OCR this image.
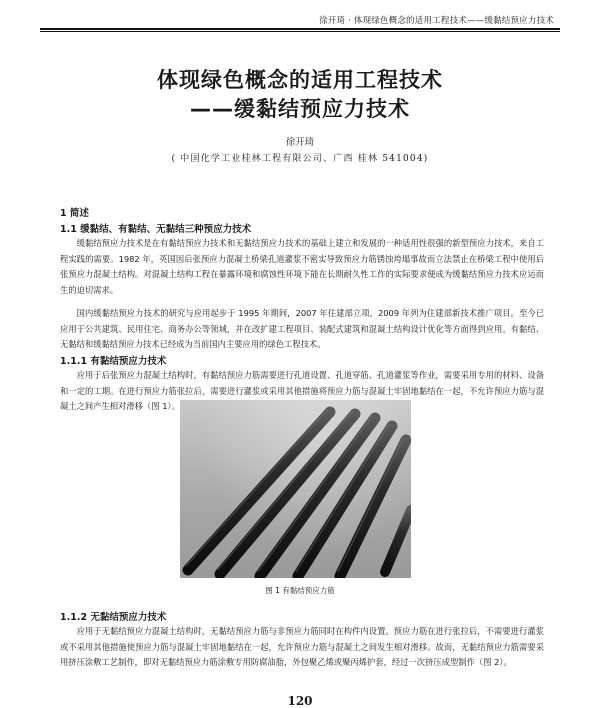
徐开琦 · 体现绿色概念的适用工程技术——缓黏结预应力技术
体现绿色概念的适用工程技术
——缓黏结预应力技术
徐开琦
( 中国化学工业桂林工程有限公司、广西 桂林 541004)
1 简述
1.1 缓黏结、有黏结、无黏结三种预应力技术

缓黏结预应力技术是在有黏结预应力技术和无黏结预应力技术的基础上建立和发展的一种适用性很强的新型预应力技术，来自工程实践的需要。1982 年，英国因后张预应力混凝土桥梁孔道灌浆不密实导致预应力筋锈蚀垮塌事故而立法禁止在桥梁工程中使用后张预应力混凝土结构。对混凝土结构工程在暴露环境和腐蚀性环境下能在长期耐久性工作的实际要求便成为缓黏结预应力技术应运而生的迫切需求。

国内缓黏结预应力技术的研究与应用起步于 1995 年期间，2007 年住建部立项，2009 年列为住建部新技术推广项目。至今已应用于公共建筑、民用住宅、商务办公等领域，并在改扩建工程项目、装配式建筑和混凝土结构设计优化等方面得到应用。有黏结、无黏结和缓黏结预应力技术已经成为当前国内主要应用的绿色工程技术。

1.1.1 有黏结预应力技术

应用于后张预应力混凝土结构时，有黏结预应力筋需要进行孔道设置、孔道穿筋、孔道灌浆等作业，需要采用专用的材料、设备和一定的工期。在进行预应力筋张拉后，需要进行灌浆或采用其他措施将预应力筋与混凝土牢固地黏结在一起，不允许预应力筋与混凝土之间产生相对滑移（图 1）。

图 1 有黏结预应力筋
1.1.2 无黏结预应力技术

应用于无黏结预应力混凝土结构时，无黏结预应力筋与非预应力筋同时在构件内设置。预应力筋在进行张拉后，不需要进行灌浆或不采用其他措施使预应力筋与混凝土牢固地黏结在一起，允许预应力筋与混凝土之间发生相对滑移。故而，无黏结预应力筋需要采用挤压涂敷工艺制作，即对无黏结预应力筋涂敷专用防腐油脂，外包聚乙烯或聚丙烯护套，经过一次挤压成型制作（图 2）。

120
